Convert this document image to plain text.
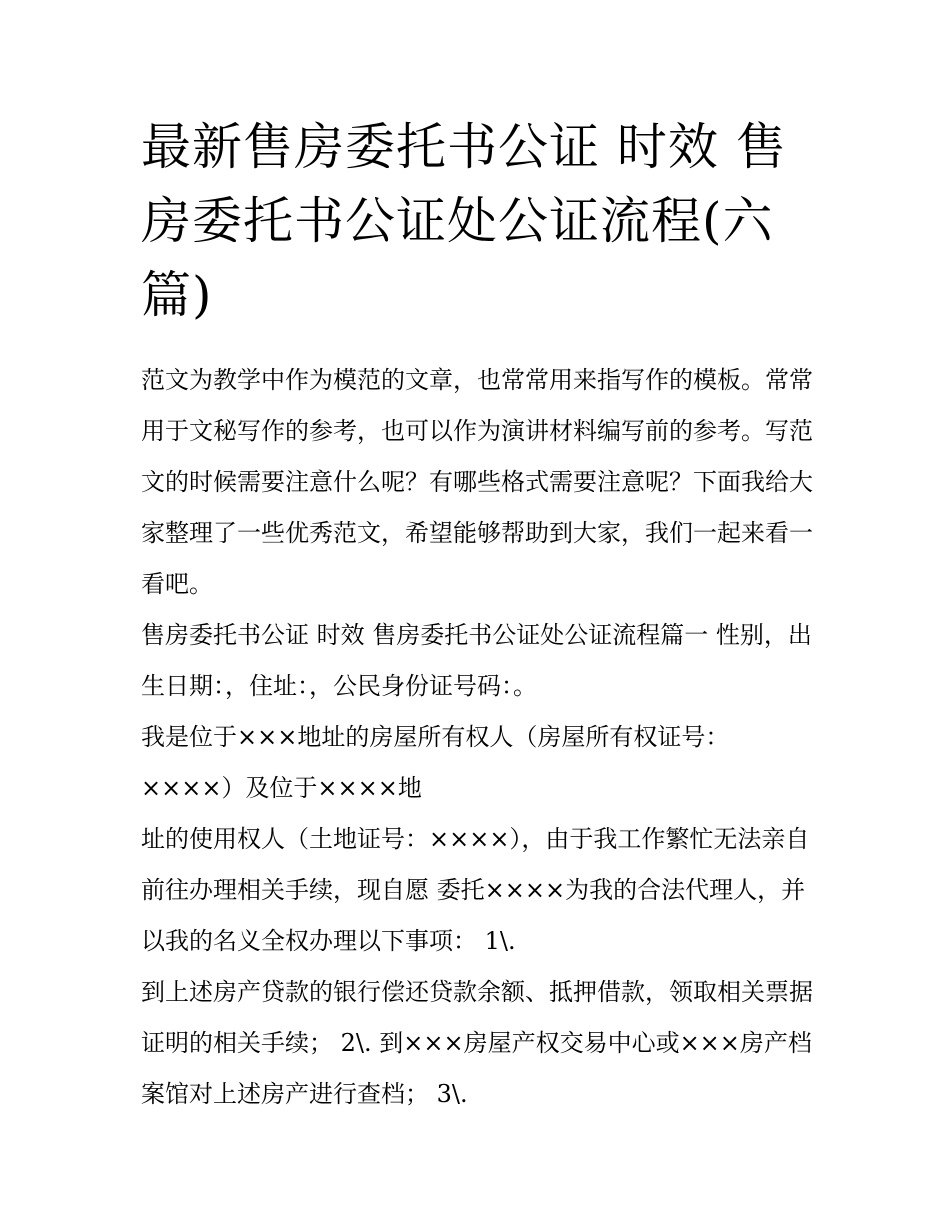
最新售房委托书公证 时效 售房委托书公证处公证流程(六篇)

范文为教学中作为模范的文章，也常常用来指写作的模板。常常用于文秘写作的参考，也可以作为演讲材料编写前的参考。写范文的时候需要注意什么呢？有哪些格式需要注意呢？下面我给大家整理了一些优秀范文，希望能够帮助到大家，我们一起来看一看吧。

售房委托书公证 时效 售房委托书公证处公证流程篇一 性别，出生日期：，住址：，公民身份证号码：。

我是位于×××地址的房屋所有权人（房屋所有权证号：××××）及位于××××地

址的使用权人（土地证号：××××），由于我工作繁忙无法亲自前往办理相关手续，现自愿 委托××××为我的合法代理人，并以我的名义全权办理以下事项： 1\.

到上述房产贷款的银行偿还贷款余额、抵押借款，领取相关票据证明的相关手续； 2\. 到×××房屋产权交易中心或×××房产档案馆对上述房产进行查档； 3\.
